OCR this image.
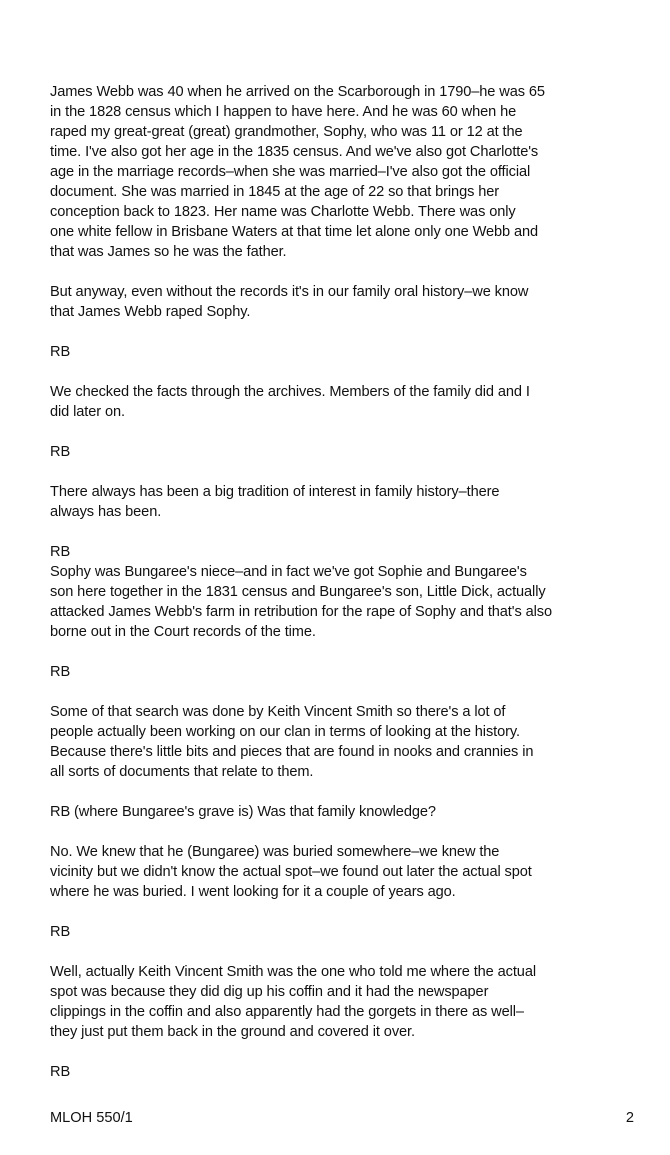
James Webb was 40 when he arrived on the Scarborough in 1790–he was 65
in the 1828 census which I happen to have here. And he was 60 when he
raped my great-great (great) grandmother, Sophy, who was 11 or 12 at the
time. I've also got her age in the 1835 census. And we've also got Charlotte's
age in the marriage records–when she was married–I've also got the official
document. She was married in 1845 at the age of 22 so that brings her
conception back to 1823. Her name was Charlotte Webb. There was only
one white fellow in Brisbane Waters at that time let alone only one Webb and
that was James so he was the father.

But anyway, even without the records it's in our family oral history–we know
that James Webb raped Sophy.

RB

We checked the facts through the archives. Members of the family did and I
did later on.

RB

There always has been a big tradition of interest in family history–there
always has been.

RB

Sophy was Bungaree's niece–and in fact we've got Sophie and Bungaree's
son here together in the 1831 census and Bungaree's son, Little Dick, actually
attacked James Webb's farm in retribution for the rape of Sophy and that's also
borne out in the Court records of the time.

RB

Some of that search was done by Keith Vincent Smith so there's a lot of
people actually been working on our clan in terms of looking at the history.
Because there's little bits and pieces that are found in nooks and crannies in
all sorts of documents that relate to them.

RB (where Bungaree's grave is) Was that family knowledge?

No. We knew that he (Bungaree) was buried somewhere–we knew the
vicinity but we didn't know the actual spot–we found out later the actual spot
where he was buried. I went looking for it a couple of years ago.

RB

Well, actually Keith Vincent Smith was the one who told me where the actual
spot was because they did dig up his coffin and it had the newspaper
clippings in the coffin and also apparently had the gorgets in there as well–
they just put them back in the ground and covered it over.

RB

MLOH 550/1	2
